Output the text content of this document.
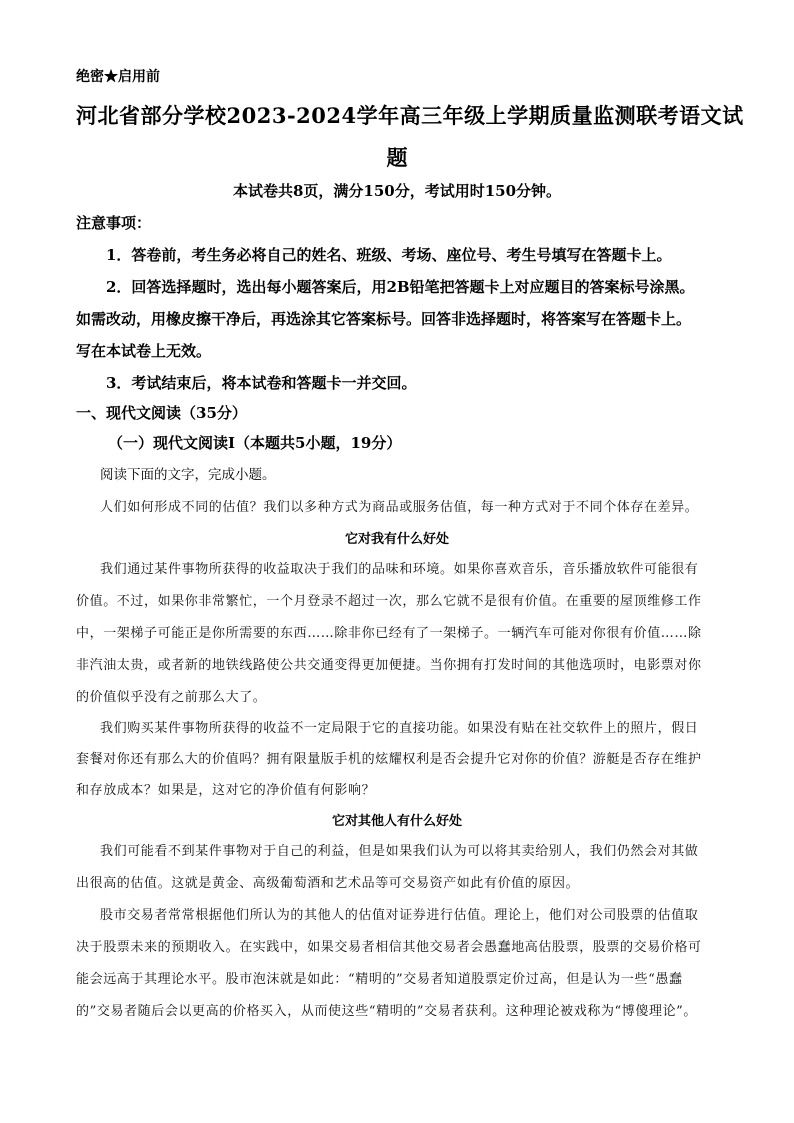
绝密★启用前
河北省部分学校2023-2024学年高三年级上学期质量监测联考语文试
题
本试卷共8页，满分150分，考试用时150分钟。
注意事项：
1．答卷前，考生务必将自己的姓名、班级、考场、座位号、考生号填写在答题卡上。
2．回答选择题时，选出每小题答案后，用2B铅笔把答题卡上对应题目的答案标号涂黑。
如需改动，用橡皮擦干净后，再选涂其它答案标号。回答非选择题时，将答案写在答题卡上。
写在本试卷上无效。
3．考试结束后，将本试卷和答题卡一并交回。
一、现代文阅读（35分）
（一）现代文阅读Ⅰ（本题共5小题，19分）
阅读下面的文字，完成小题。
人们如何形成不同的估值？我们以多种方式为商品或服务估值，每一种方式对于不同个体存在差异。
它对我有什么好处
我们通过某件事物所获得的收益取决于我们的品味和环境。如果你喜欢音乐，音乐播放软件可能很有
价值。不过，如果你非常繁忙，一个月登录不超过一次，那么它就不是很有价值。在重要的屋顶维修工作
中，一架梯子可能正是你所需要的东西……除非你已经有了一架梯子。一辆汽车可能对你很有价值……除
非汽油太贵，或者新的地铁线路使公共交通变得更加便捷。当你拥有打发时间的其他选项时，电影票对你
的价值似乎没有之前那么大了。
我们购买某件事物所获得的收益不一定局限于它的直接功能。如果没有贴在社交软件上的照片，假日
套餐对你还有那么大的价值吗？拥有限量版手机的炫耀权利是否会提升它对你的价值？游艇是否存在维护
和存放成本？如果是，这对它的净价值有何影响？
它对其他人有什么好处
我们可能看不到某件事物对于自己的利益，但是如果我们认为可以将其卖给别人，我们仍然会对其做
出很高的估值。这就是黄金、高级葡萄酒和艺术品等可交易资产如此有价值的原因。
股市交易者常常根据他们所认为的其他人的估值对证券进行估值。理论上，他们对公司股票的估值取
决于股票未来的预期收入。在实践中，如果交易者相信其他交易者会愚蠢地高估股票，股票的交易价格可
能会远高于其理论水平。股市泡沫就是如此：“精明的”交易者知道股票定价过高，但是认为一些“愚蠢
的”交易者随后会以更高的价格买入，从而使这些“精明的”交易者获利。这种理论被戏称为“博傻理论”。
